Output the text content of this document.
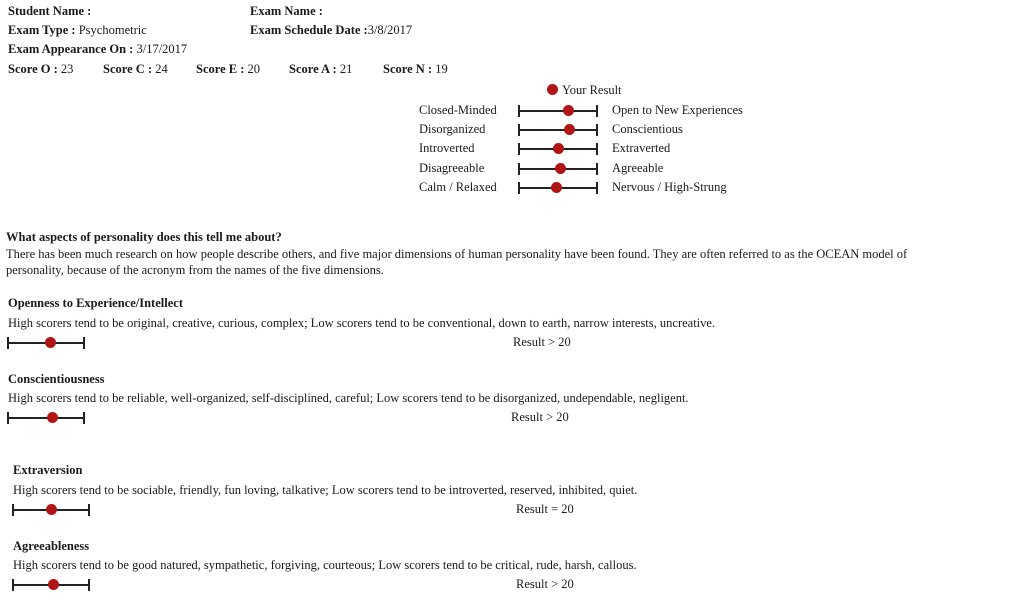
Student Name :	Exam Name :
Exam Type : Psychometric	Exam Schedule Date :3/8/2017
Exam Appearance On : 3/17/2017
Score O : 23 Score C : 24 Score E : 20 Score A : 21 Score N : 19
Your Result
Closed-Minded	Open to New Experiences
Disorganized	Conscientious
Introverted	Extraverted
Disagreeable	Agreeable
Calm / Relaxed	Nervous / High-Strung
What aspects of personality does this tell me about?
There has been much research on how people describe others, and five major dimensions of human personality have been found. They are often referred to as the OCEAN model of personality, because of the acronym from the names of the five dimensions.
Openness to Experience/Intellect
High scorers tend to be original, creative, curious, complex; Low scorers tend to be conventional, down to earth, narrow interests, uncreative.
Result > 20
Conscientiousness
High scorers tend to be reliable, well-organized, self-disciplined, careful; Low scorers tend to be disorganized, undependable, negligent.
Result > 20
Extraversion
High scorers tend to be sociable, friendly, fun loving, talkative; Low scorers tend to be introverted, reserved, inhibited, quiet.
Result = 20
Agreeableness
High scorers tend to be good natured, sympathetic, forgiving, courteous; Low scorers tend to be critical, rude, harsh, callous.
Result > 20
